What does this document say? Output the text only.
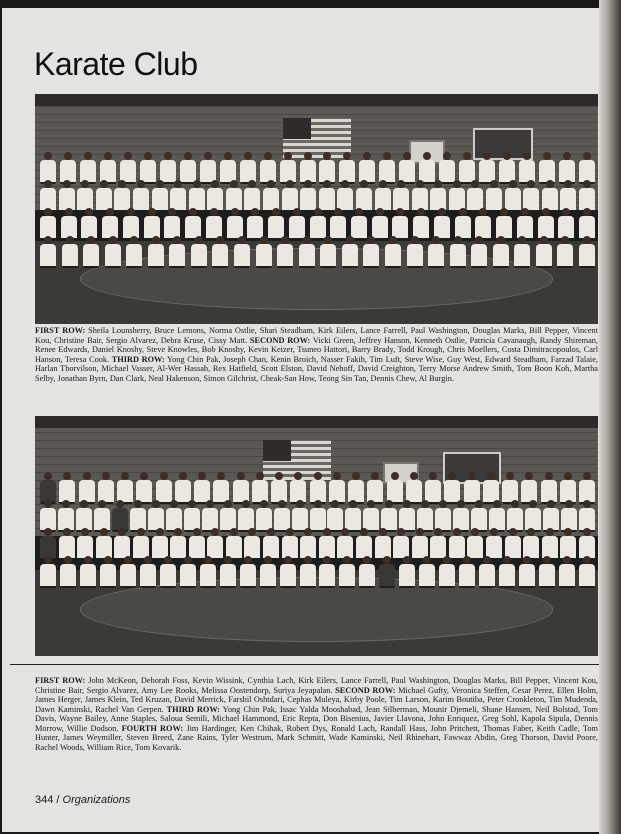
Karate Club
FIRST ROW: Sheila Lounsherry, Bruce Lemons, Norma Ostlie, Shari Steadham, Kirk Eilers, Lance Farrell, Paul Washington, Douglas Marks, Bill Pepper, Vincent Kou, Christine Bair, Sergio Alvarez, Debra Kruse, Cissy Matt. SECOND ROW: Vicki Green, Jeffrey Hanson, Kenneth Ostlie, Patricia Cavanaugh, Randy Shireman, Renee Edwards, Daniel Knoshy, Steve Knowles, Bob Knoshy, Kevin Keizer, Tsuneo Hattori, Barry Brady, Todd Krough, Chris Moellers, Costa Dimitracopoulos, Carl Hanson, Teresa Cook. THIRD ROW: Yong Chin Pak, Joseph Chan, Kenin Broich, Nasser Fakih, Tim Luft, Steve Wise, Guy West, Edward Steadham, Farzad Talaie, Harlan Thorvilson, Michael Vasser, Al-Wer Hassah, Rex Hatfield, Scott Elston, David Nehoff, David Creighton, Terry Morse Andrew Smith, Tom Boon Koh, Martha Selby, Jonathan Byrn, Dan Clark, Neal Hakenson, Simon Gilchrist, Cheak-San How, Teong Sin Tan, Dennis Chew, Al Burgin.
FIRST ROW: John McKeon, Deborah Foss, Kevin Wissink, Cynthia Lach, Kirk Eilers, Lance Farrell, Paul Washington, Douglas Marks, Bill Pepper, Vincent Kou, Christine Bair, Sergio Alvarez, Amy Lee Rooks, Melissa Oostendorp, Suriya Jeyapalan. SECOND ROW: Michael Gufty, Veronica Steffen, Cesar Perez, Ellen Holm, James Herger, James Klein, Ted Kruzan, David Merrick, Farshil Oshtdari, Cephas Muleya, Kirby Poole, Tim Larson, Karim Boutiba, Peter Cronkleton, Tim Mudenda, Dawn Kaminski, Rachel Van Gerpen. THIRD ROW: Yong Chin Pak, Issac Yalda Mooshabad, Jean Silberman, Mounir Djemeli, Shane Hansen, Neil Bolstad, Tom Davis, Wayne Bailey, Anne Staples, Saloua Semili, Michael Hammond, Eric Repta, Don Bisenius, Javier Llavona, John Enriquez, Greg Sohl, Kapola Sipula, Dennis Morrow, Willie Dodson. FOURTH ROW: Jim Hardinger, Ken Chihak, Robert Dys, Ronald Lach, Randall Hass, John Pritchett, Thomas Faber, Keith Cadle, Tom Hunter, James Weymiller, Steven Breed, Zane Rains, Tyler Westrum, Mark Schmitt, Wade Kaminski, Neil Rhinehart, Fawwaz Abdin, Greg Thorson, David Poore, Rachel Woods, William Rice, Tom Kovarik.

344 / Organizations
